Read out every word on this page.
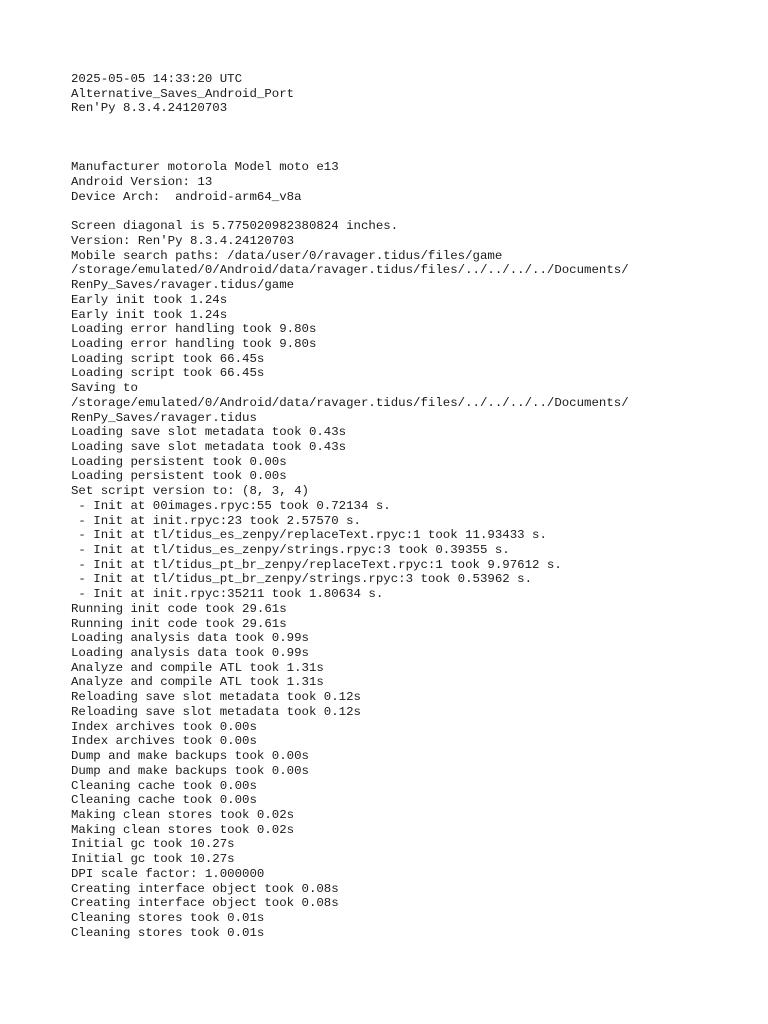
2025-05-05 14:33:20 UTC
Alternative_Saves_Android_Port
Ren'Py 8.3.4.24120703
Manufacturer motorola Model moto e13
Android Version: 13
Device Arch:  android-arm64_v8a
Screen diagonal is 5.775020982380824 inches.
Version: Ren'Py 8.3.4.24120703
Mobile search paths: /data/user/0/ravager.tidus/files/game
/storage/emulated/0/Android/data/ravager.tidus/files/../../../../Documents/
RenPy_Saves/ravager.tidus/game
Early init took 1.24s
Early init took 1.24s
Loading error handling took 9.80s
Loading error handling took 9.80s
Loading script took 66.45s
Loading script took 66.45s
Saving to
/storage/emulated/0/Android/data/ravager.tidus/files/../../../../Documents/
RenPy_Saves/ravager.tidus
Loading save slot metadata took 0.43s
Loading save slot metadata took 0.43s
Loading persistent took 0.00s
Loading persistent took 0.00s
Set script version to: (8, 3, 4)
- Init at 00images.rpyc:55 took 0.72134 s.
- Init at init.rpyc:23 took 2.57570 s.
- Init at tl/tidus_es_zenpy/replaceText.rpyc:1 took 11.93433 s.
- Init at tl/tidus_es_zenpy/strings.rpyc:3 took 0.39355 s.
- Init at tl/tidus_pt_br_zenpy/replaceText.rpyc:1 took 9.97612 s.
- Init at tl/tidus_pt_br_zenpy/strings.rpyc:3 took 0.53962 s.
- Init at init.rpyc:35211 took 1.80634 s.
Running init code took 29.61s
Running init code took 29.61s
Loading analysis data took 0.99s
Loading analysis data took 0.99s
Analyze and compile ATL took 1.31s
Analyze and compile ATL took 1.31s
Reloading save slot metadata took 0.12s
Reloading save slot metadata took 0.12s
Index archives took 0.00s
Index archives took 0.00s
Dump and make backups took 0.00s
Dump and make backups took 0.00s
Cleaning cache took 0.00s
Cleaning cache took 0.00s
Making clean stores took 0.02s
Making clean stores took 0.02s
Initial gc took 10.27s
Initial gc took 10.27s
DPI scale factor: 1.000000
Creating interface object took 0.08s
Creating interface object took 0.08s
Cleaning stores took 0.01s
Cleaning stores took 0.01s
